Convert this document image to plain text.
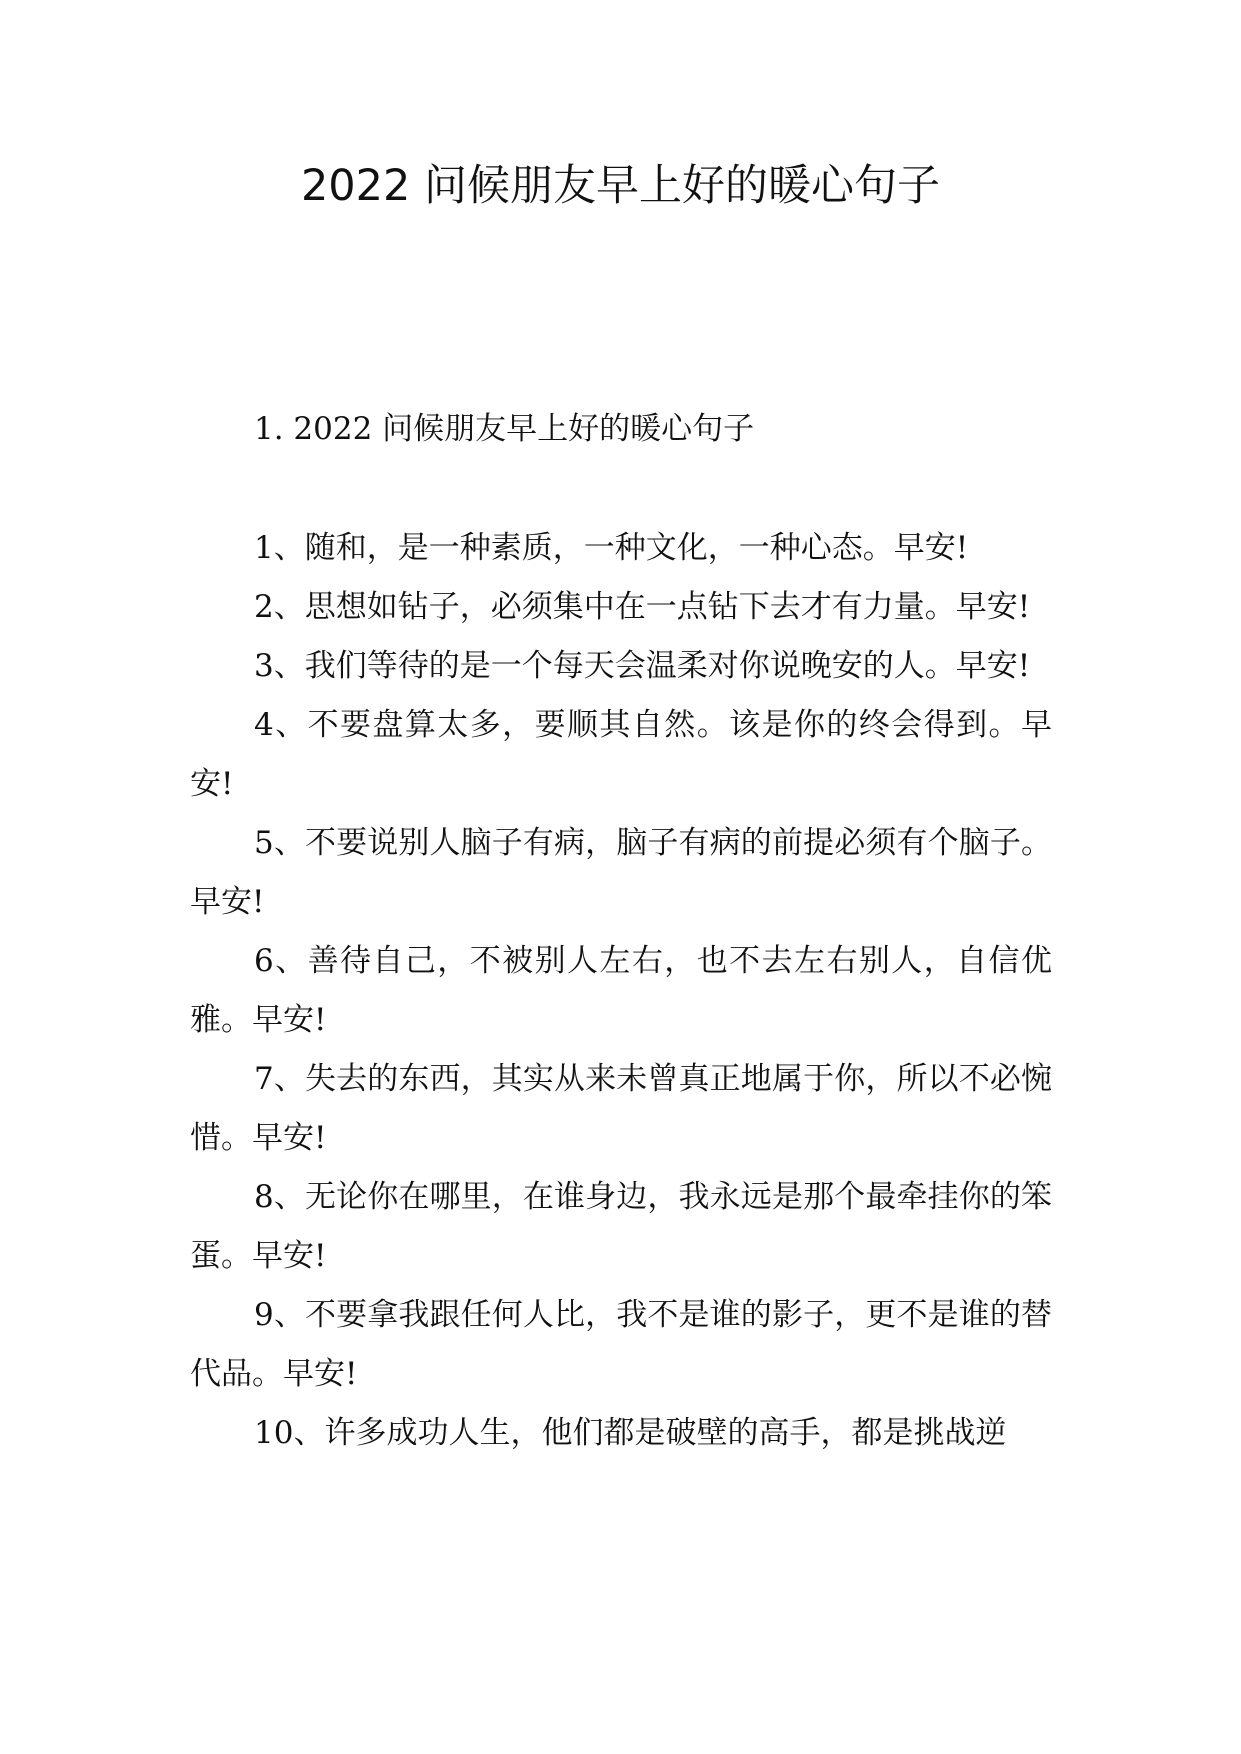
2022 问候朋友早上好的暖心句子

1. 2022 问候朋友早上好的暖心句子

1、随和，是一种素质，一种文化，一种心态。早安!

2、思想如钻子，必须集中在一点钻下去才有力量。早安!

3、我们等待的是一个每天会温柔对你说晚安的人。早安!

4、不要盘算太多，要顺其自然。该是你的终会得到。早安!

5、不要说别人脑子有病，脑子有病的前提必须有个脑子。早安!

6、善待自己，不被别人左右，也不去左右别人，自信优雅。早安!

7、失去的东西，其实从来未曾真正地属于你，所以不必惋惜。早安!

8、无论你在哪里，在谁身边，我永远是那个最牵挂你的笨蛋。早安!

9、不要拿我跟任何人比，我不是谁的影子，更不是谁的替代品。早安!

10、许多成功人生，他们都是破壁的高手，都是挑战逆
